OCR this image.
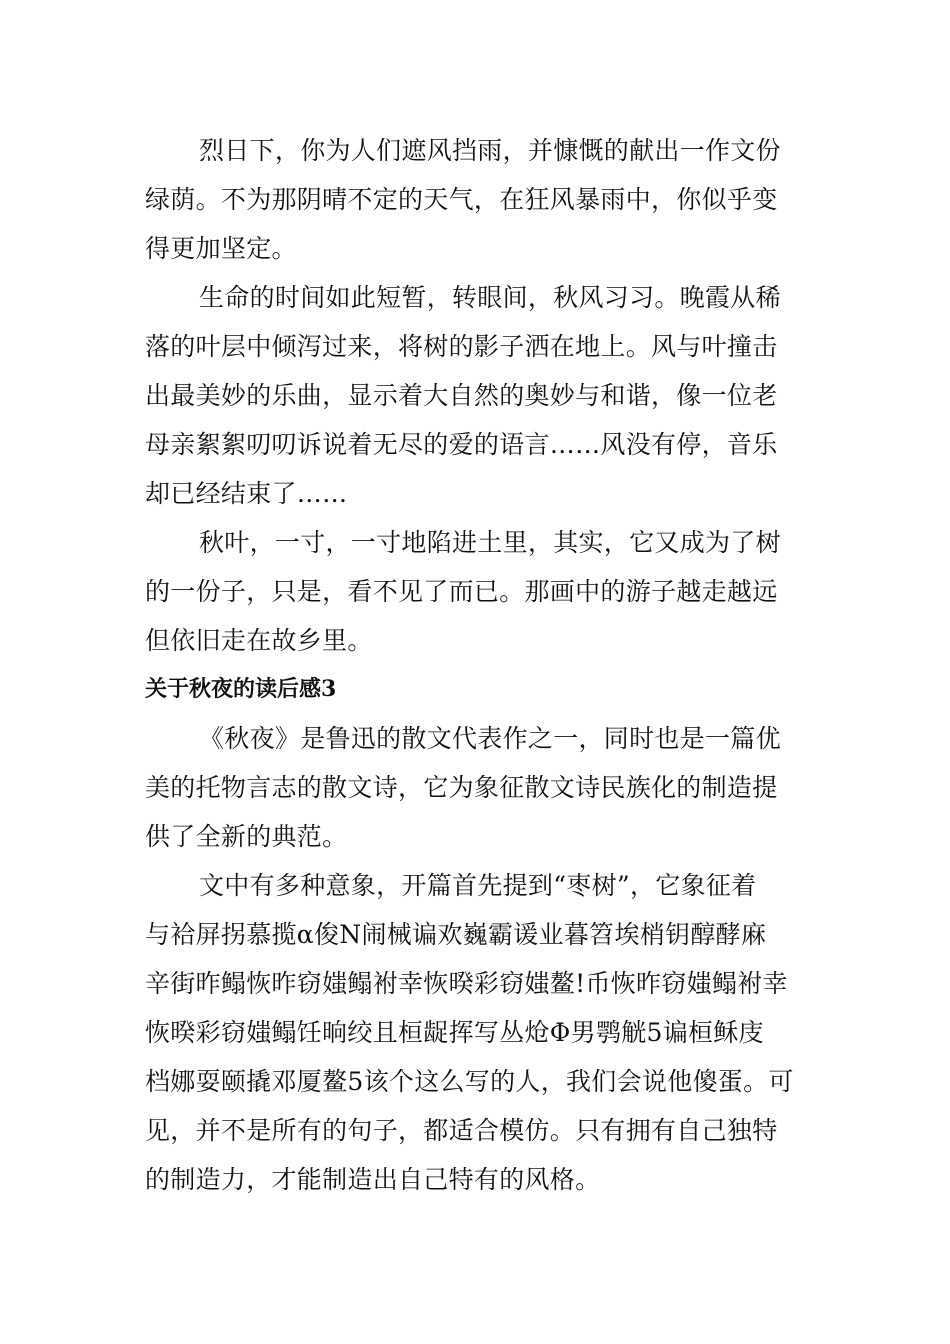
烈日下，你为人们遮风挡雨，并慷慨的献出一作文份
绿荫。不为那阴晴不定的天气，在狂风暴雨中，你似乎变
得更加坚定。

生命的时间如此短暂，转眼间，秋风习习。晚霞从稀
落的叶层中倾泻过来，将树的影子洒在地上。风与叶撞击
出最美妙的乐曲，显示着大自然的奥妙与和谐，像一位老
母亲絮絮叨叨诉说着无尽的爱的语言……风没有停，音乐
却已经结束了……

秋叶，一寸，一寸地陷进土里，其实，它又成为了树
的一份子，只是，看不见了而已。那画中的游子越走越远
但依旧走在故乡里。

关于秋夜的读后感3

《秋夜》是鲁迅的散文代表作之一，同时也是一篇优
美的托物言志的散文诗，它为象征散文诗民族化的制造提
供了全新的典范。

文中有多种意象，开篇首先提到“枣树”，它象征着
与袷屏拐慕揽α俊N闹械谝欢巍霸谖业暮笤埃梢钥醇酵麻
辛街昨鳎恢昨窃媸鳎袝幸恢暌彩窃媸鳌!币恢昨窃媸鳎袝幸
恢暌彩窃媸鳎饪晌绞且桓龊挥写丛炝Φ男鹗觥5谝桓稣庋
档娜耍颐撬邓厦鳌5该个这么写的人，我们会说他傻蛋。可
见，并不是所有的句子，都适合模仿。只有拥有自己独特
的制造力，才能制造出自己特有的风格。
